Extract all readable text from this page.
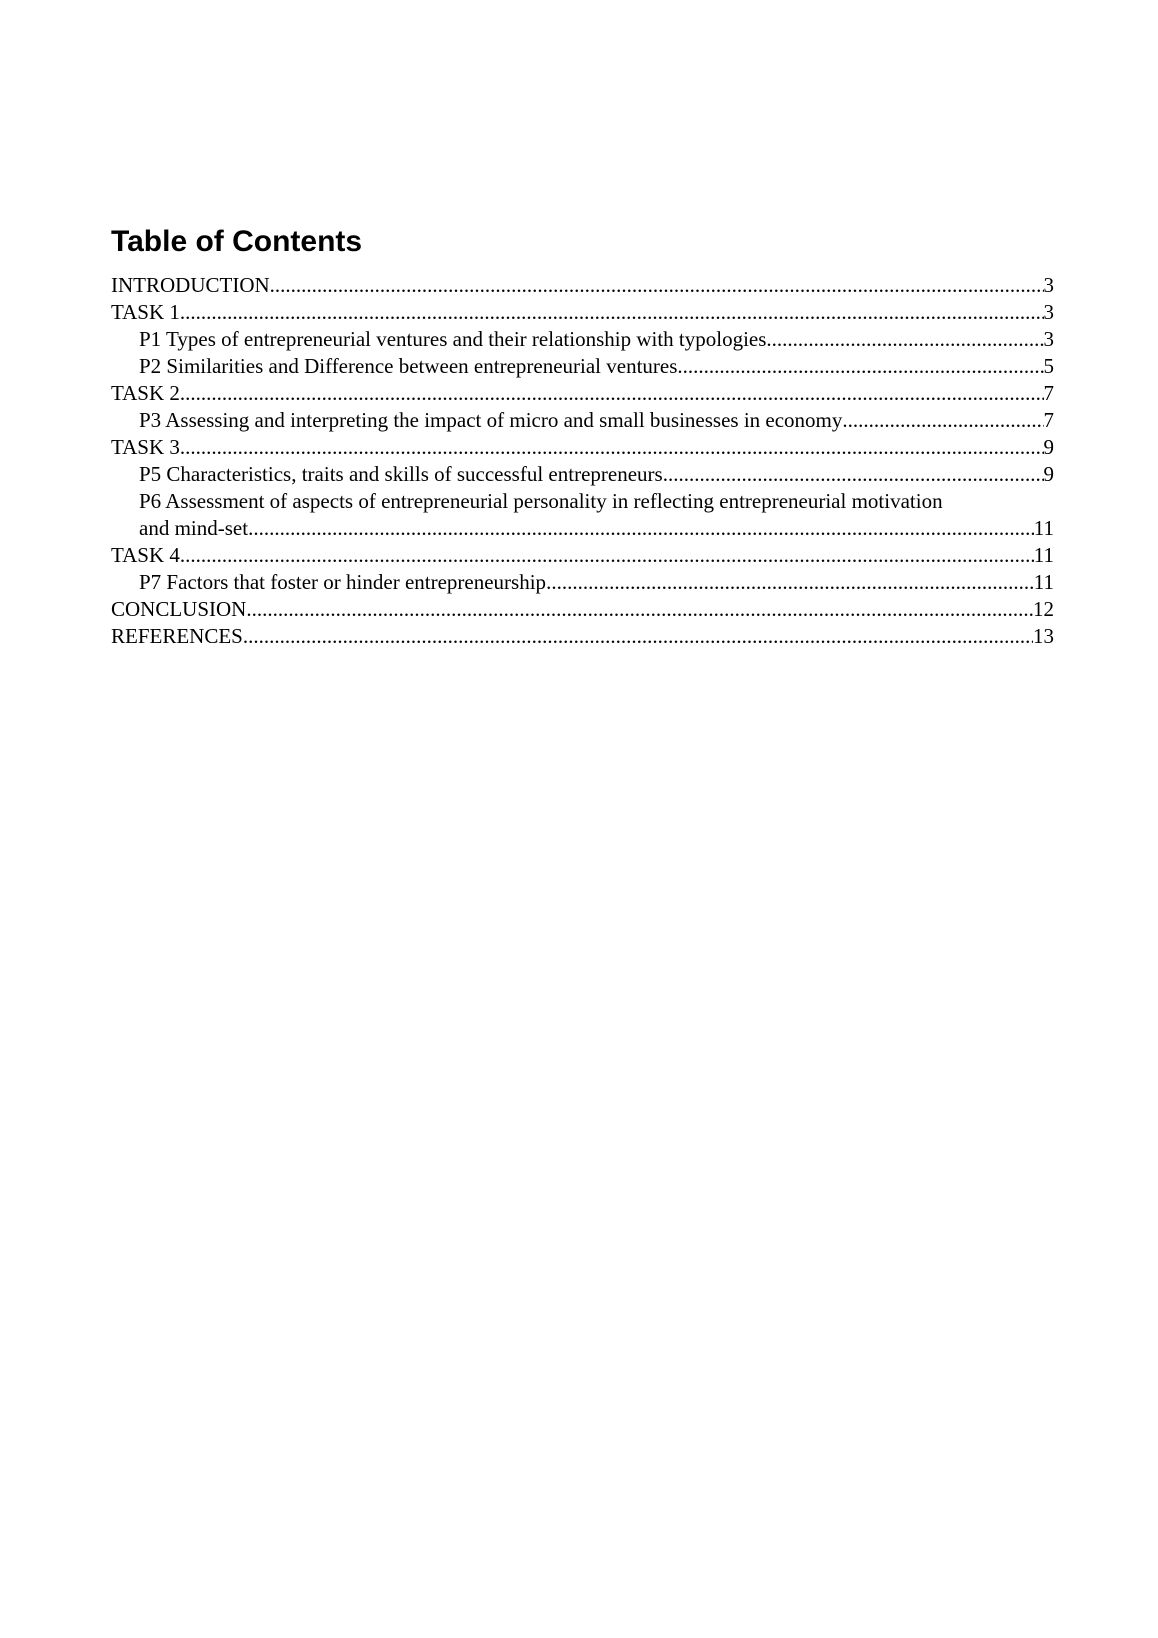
Table of Contents
INTRODUCTION .....	3
TASK 1 .....	3
P1 Types of entrepreneurial ventures and their relationship with typologies .....	3
P2 Similarities and Difference between entrepreneurial ventures .....	5
TASK 2 .....	7
P3 Assessing and interpreting the impact of micro and small businesses in economy .....	7
TASK 3 .....	9
P5 Characteristics, traits and skills of successful entrepreneurs .....	9
P6 Assessment of aspects of entrepreneurial personality in reflecting entrepreneurial motivation
and mind-set .....	11
TASK 4 .....	11
P7 Factors that foster or hinder entrepreneurship .....	11
CONCLUSION .....	12
REFERENCES .....	13
